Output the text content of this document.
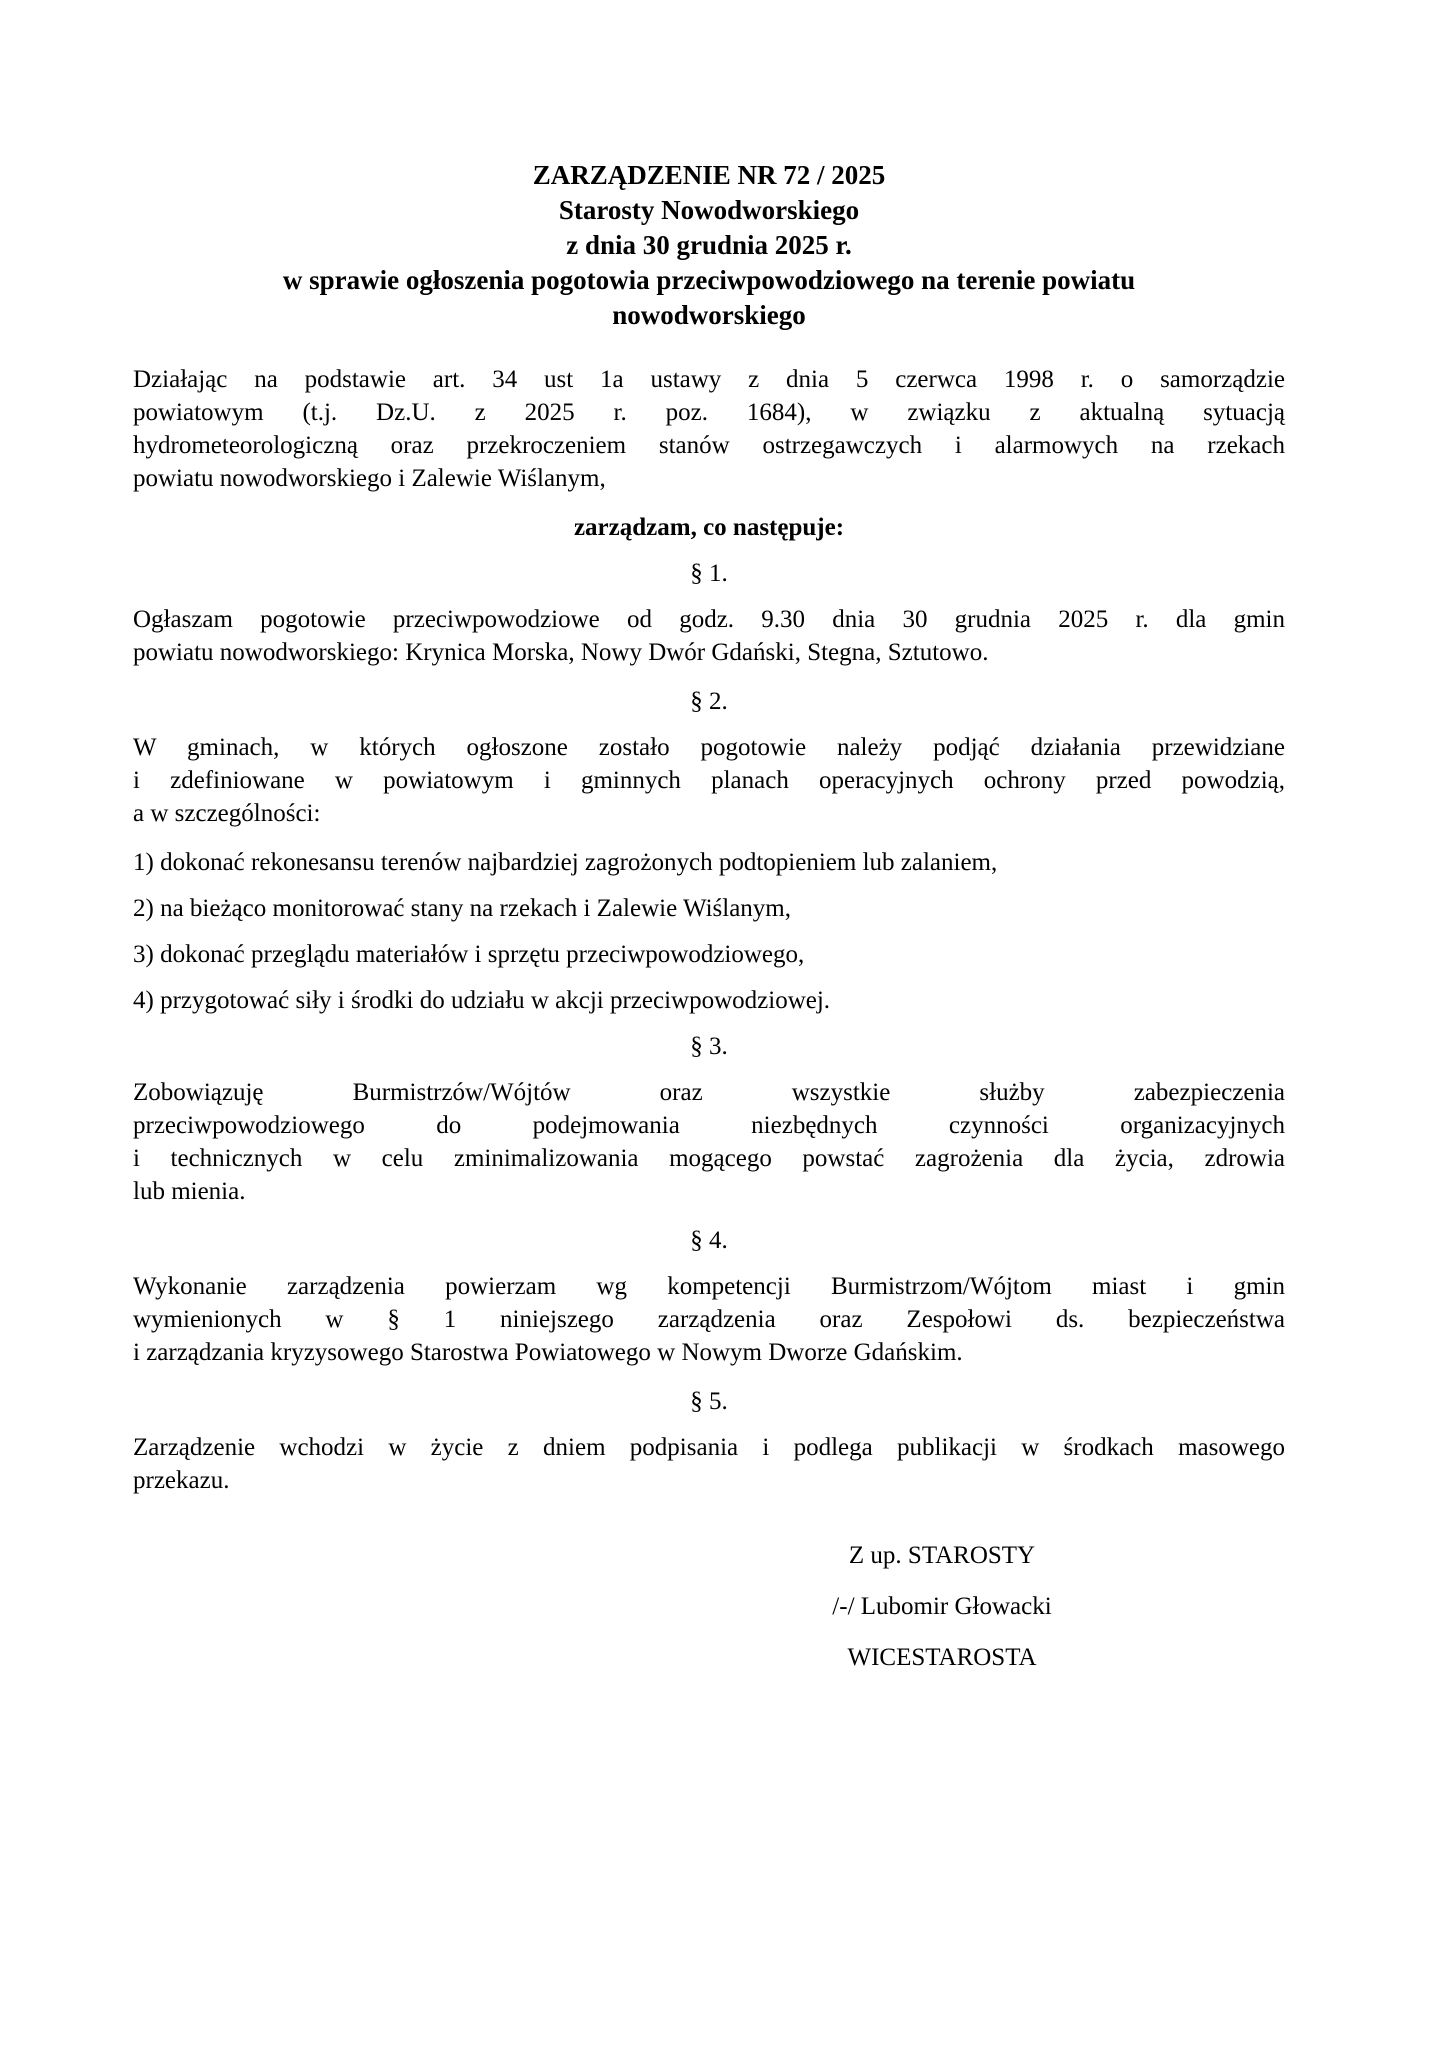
ZARZĄDZENIE NR 72 / 2025
Starosty Nowodworskiego
z dnia 30 grudnia 2025 r.
w sprawie ogłoszenia pogotowia przeciwpowodziowego na terenie powiatu
nowodworskiego
Działając na podstawie art. 34 ust 1a ustawy z dnia 5 czerwca 1998 r. o samorządzie
powiatowym (t.j. Dz.U. z 2025 r. poz. 1684), w związku z aktualną sytuacją
hydrometeorologiczną oraz przekroczeniem stanów ostrzegawczych i alarmowych na rzekach
powiatu nowodworskiego i Zalewie Wiślanym,
zarządzam, co następuje:
§ 1.
Ogłaszam pogotowie przeciwpowodziowe od godz. 9.30 dnia 30 grudnia 2025 r. dla gmin
powiatu nowodworskiego: Krynica Morska, Nowy Dwór Gdański, Stegna, Sztutowo.
§ 2.
W gminach, w których ogłoszone zostało pogotowie należy podjąć działania przewidziane
i zdefiniowane w powiatowym i gminnych planach operacyjnych ochrony przed powodzią,
a w szczególności:
1) dokonać rekonesansu terenów najbardziej zagrożonych podtopieniem lub zalaniem,
2) na bieżąco monitorować stany na rzekach i Zalewie Wiślanym,
3) dokonać przeglądu materiałów i sprzętu przeciwpowodziowego,
4) przygotować siły i środki do udziału w akcji przeciwpowodziowej.
§ 3.
Zobowiązuję Burmistrzów/Wójtów oraz wszystkie służby zabezpieczenia
przeciwpowodziowego do podejmowania niezbędnych czynności organizacyjnych
i technicznych w celu zminimalizowania mogącego powstać zagrożenia dla życia, zdrowia
lub mienia.
§ 4.
Wykonanie zarządzenia powierzam wg kompetencji Burmistrzom/Wójtom miast i gmin
wymienionych w § 1 niniejszego zarządzenia oraz Zespołowi ds. bezpieczeństwa
i zarządzania kryzysowego Starostwa Powiatowego w Nowym Dworze Gdańskim.
§ 5.
Zarządzenie wchodzi w życie z dniem podpisania i podlega publikacji w środkach masowego
przekazu.
Z up. STAROSTY
/-/ Lubomir Głowacki
WICESTAROSTA
